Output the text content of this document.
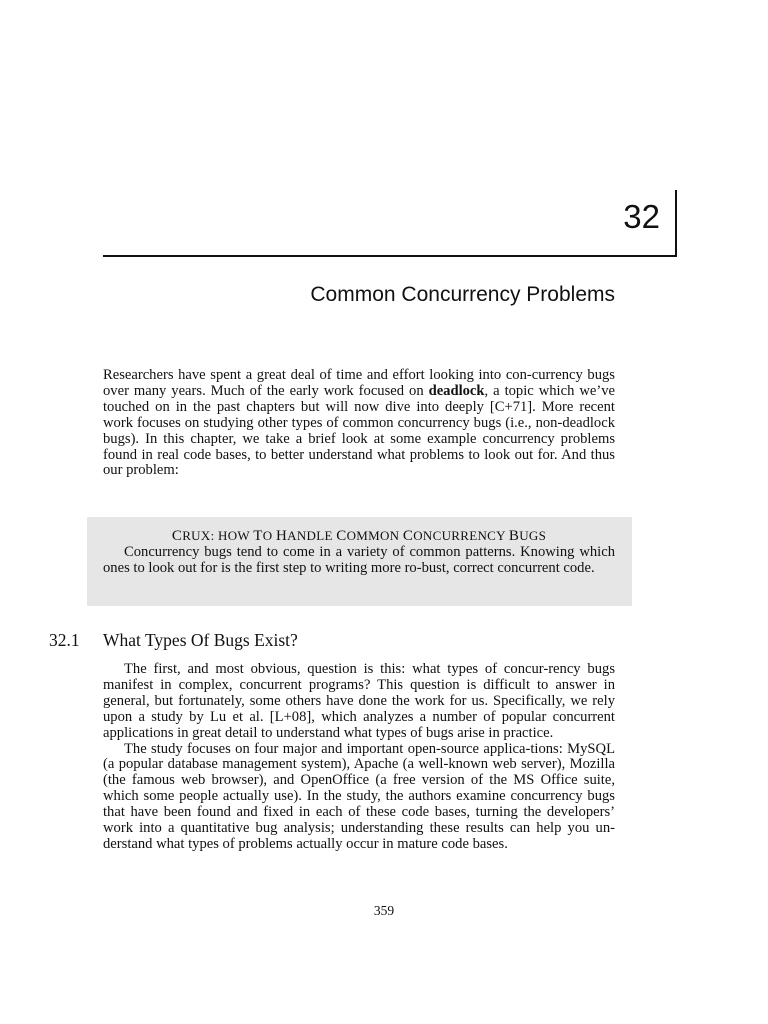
32
Common Concurrency Problems

Researchers have spent a great deal of time and effort looking into con-currency bugs over many years. Much of the early work focused on deadlock, a topic which we’ve touched on in the past chapters but will now dive into deeply [C+71]. More recent work focuses on studying other types of common concurrency bugs (i.e., non-deadlock bugs). In this chapter, we take a brief look at some example concurrency problems found in real code bases, to better understand what problems to look out for. And thus our problem:

CRUX: HOW TO HANDLE COMMON CONCURRENCY BUGS

Concurrency bugs tend to come in a variety of common patterns. Knowing which ones to look out for is the first step to writing more ro-bust, correct concurrent code.

32.1 What Types Of Bugs Exist?

The first, and most obvious, question is this: what types of concur-rency bugs manifest in complex, concurrent programs? This question is difficult to answer in general, but fortunately, some others have done the work for us. Specifically, we rely upon a study by Lu et al. [L+08], which analyzes a number of popular concurrent applications in great detail to understand what types of bugs arise in practice.

The study focuses on four major and important open-source applica-tions: MySQL (a popular database management system), Apache (a well-known web server), Mozilla (the famous web browser), and OpenOffice (a free version of the MS Office suite, which some people actually use). In the study, the authors examine concurrency bugs that have been found and fixed in each of these code bases, turning the developers’ work into a quantitative bug analysis; understanding these results can help you un-derstand what types of problems actually occur in mature code bases.

359
